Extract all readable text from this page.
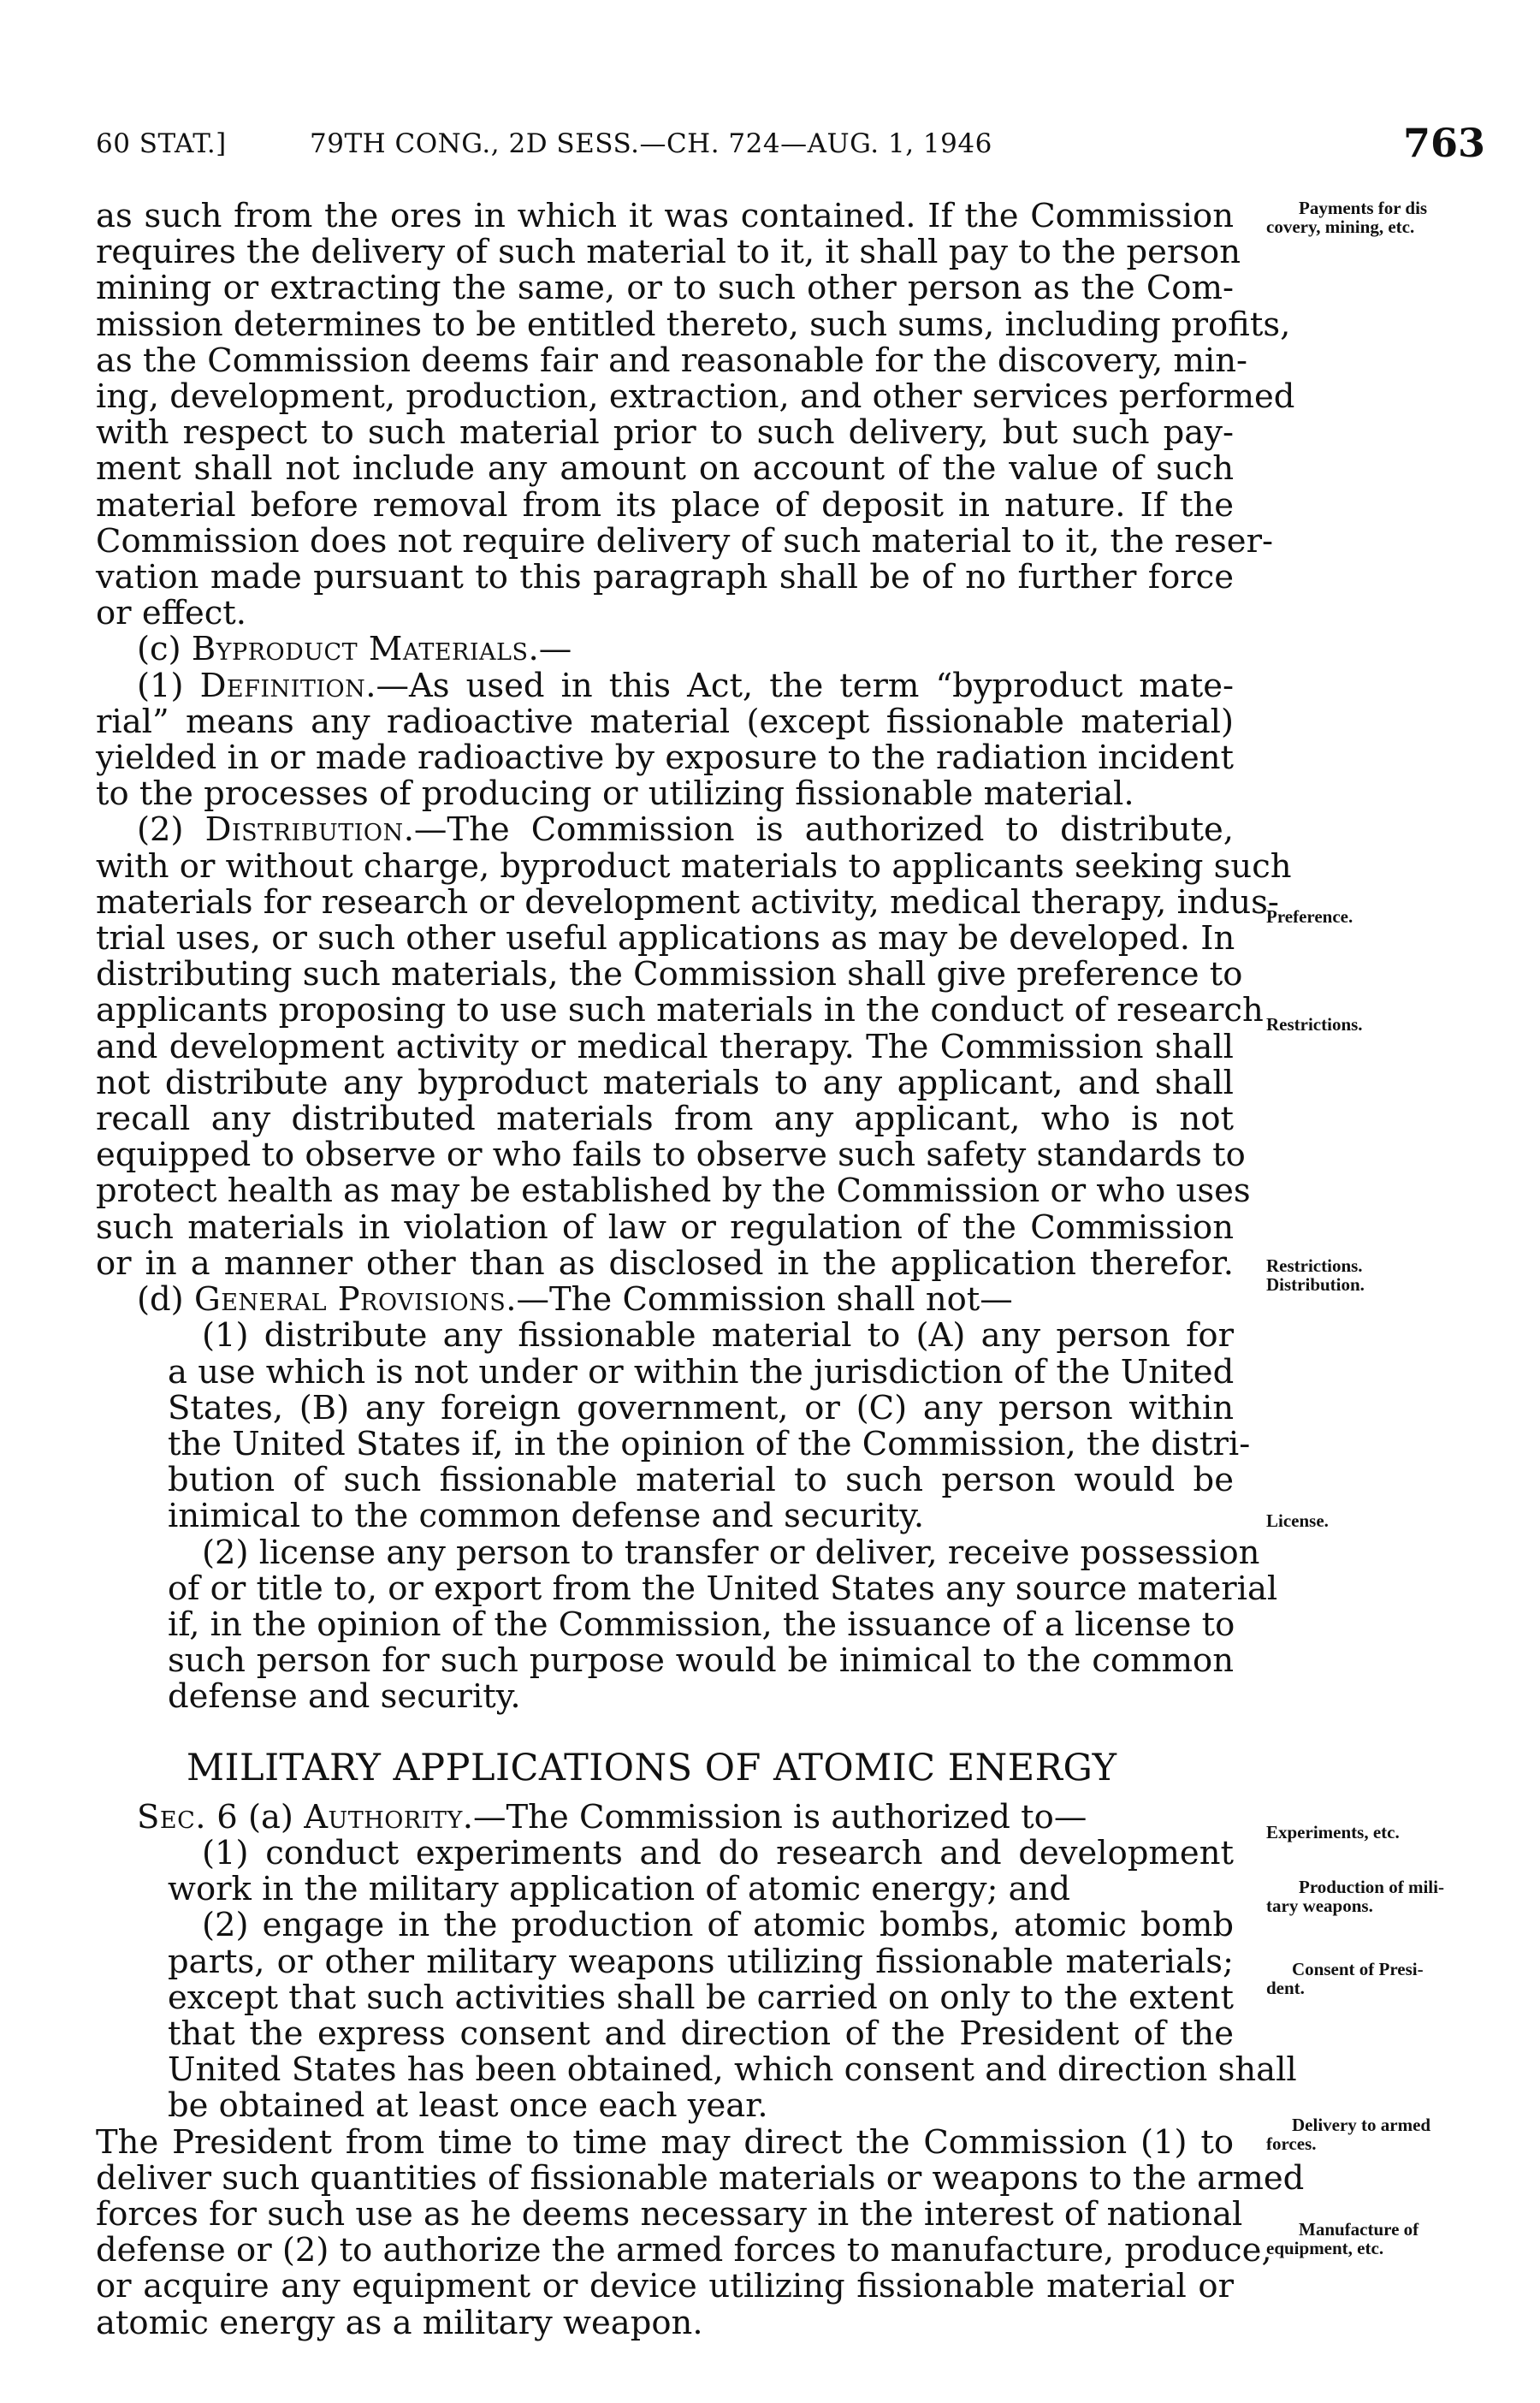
60 STAT.]	79TH CONG., 2D SESS.—CH. 724—AUG. 1, 1946	763
as such from the ores in which it was contained. If the Commission
requires the delivery of such material to it, it shall pay to the person
mining or extracting the same, or to such other person as the Com-
mission determines to be entitled thereto, such sums, including profits,
as the Commission deems fair and reasonable for the discovery, min-
ing, development, production, extraction, and other services performed
with respect to such material prior to such delivery, but such pay-
ment shall not include any amount on account of the value of such
material before removal from its place of deposit in nature. If the
Commission does not require delivery of such material to it, the reser-
vation made pursuant to this paragraph shall be of no further force
or effect.
(c) Byproduct Materials.—
(1) Definition.—As used in this Act, the term “byproduct mate-
rial” means any radioactive material (except fissionable material)
yielded in or made radioactive by exposure to the radiation incident
to the processes of producing or utilizing fissionable material.
(2) Distribution.—The Commission is authorized to distribute,
with or without charge, byproduct materials to applicants seeking such
materials for research or development activity, medical therapy, indus-
trial uses, or such other useful applications as may be developed. In
distributing such materials, the Commission shall give preference to
applicants proposing to use such materials in the conduct of research
and development activity or medical therapy. The Commission shall
not distribute any byproduct materials to any applicant, and shall
recall any distributed materials from any applicant, who is not
equipped to observe or who fails to observe such safety standards to
protect health as may be established by the Commission or who uses
such materials in violation of law or regulation of the Commission
or in a manner other than as disclosed in the application therefor.
(d) General Provisions.—The Commission shall not—
(1) distribute any fissionable material to (A) any person for
a use which is not under or within the jurisdiction of the United
States, (B) any foreign government, or (C) any person within
the United States if, in the opinion of the Commission, the distri-
bution of such fissionable material to such person would be
inimical to the common defense and security.
(2) license any person to transfer or deliver, receive possession
of or title to, or export from the United States any source material
if, in the opinion of the Commission, the issuance of a license to
such person for such purpose would be inimical to the common
defense and security.
MILITARY APPLICATIONS OF ATOMIC ENERGY
Sec. 6 (a) Authority.—The Commission is authorized to—
(1) conduct experiments and do research and development
work in the military application of atomic energy; and
(2) engage in the production of atomic bombs, atomic bomb
parts, or other military weapons utilizing fissionable materials;
except that such activities shall be carried on only to the extent
that the express consent and direction of the President of the
United States has been obtained, which consent and direction shall
be obtained at least once each year.
The President from time to time may direct the Commission (1) to
deliver such quantities of fissionable materials or weapons to the armed
forces for such use as he deems necessary in the interest of national
defense or (2) to authorize the armed forces to manufacture, produce,
or acquire any equipment or device utilizing fissionable material or
atomic energy as a military weapon.
Payments for dis
covery, mining, etc.
Preference.
Restrictions.
Restrictions.
Distribution.
License.
Experiments, etc.
Production of mili-
tary weapons.
Consent of Presi-
dent.
Delivery to armed
forces.
Manufacture of
equipment, etc.
